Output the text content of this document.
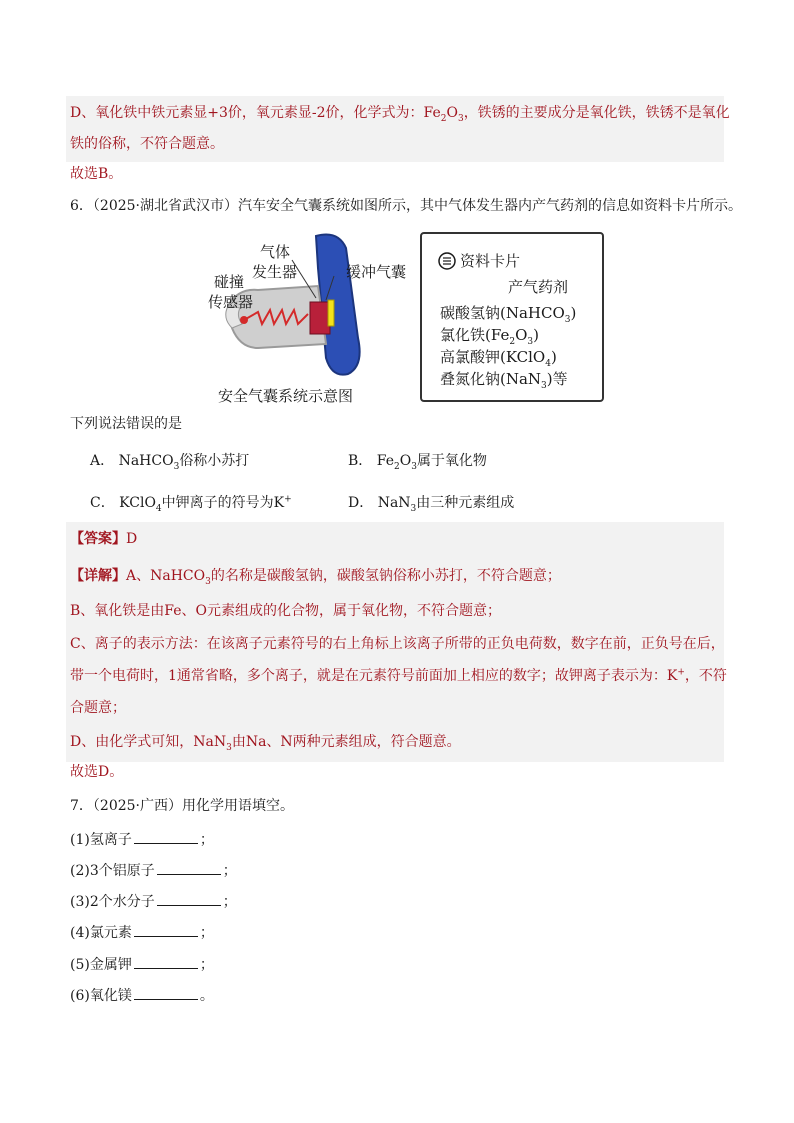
D、氧化铁中铁元素显+3价，氧元素显-2价，化学式为：$Fe_2O_3$，铁锈的主要成分是氧化铁，铁锈不是氧化
铁的俗称，不符合题意。
故选B。
6．（2025·湖北省武汉市）汽车安全气囊系统如图所示，其中气体发生器内产气药剂的信息如资料卡片所示。
气体
发生器	缓冲气囊
碰撞
传感器
安全气囊系统示意图
资料卡片
产气药剂
碳酸氢钠(NaHCO$_3$)
氯化铁$(Fe_2O_3)$
高氯酸钾(KClO$_4$)
叠氮化钠(NaN$_3$)等
下列说法错误的是
A． NaHCO$_3$俗称小苏打	B． $Fe_2O_3$属于氧化物
C． KClO$_4$中钾离子的符号为K+	D． NaN$_3$由三种元素组成
【答案】D
【详解】A、NaHCO$_3$的名称是碳酸氢钠，碳酸氢钠俗称小苏打，不符合题意；
B、氧化铁是由Fe、O元素组成的化合物，属于氧化物，不符合题意；
C、离子的表示方法：在该离子元素符号的右上角标上该离子所带的正负电荷数，数字在前，正负号在后，
带一个电荷时，1通常省略，多个离子，就是在元素符号前面加上相应的数字；故钾离子表示为：K+，不符
合题意；
D、由化学式可知，NaN$_3$由Na、N两种元素组成，符合题意。
故选D。
7．（2025·广西）用化学用语填空。
(1)氢离子	；
(2)3个铝原子	；
(3)2个水分子	；
(4)氯元素	；
(5)金属钾	；
(6)氧化镁	。
